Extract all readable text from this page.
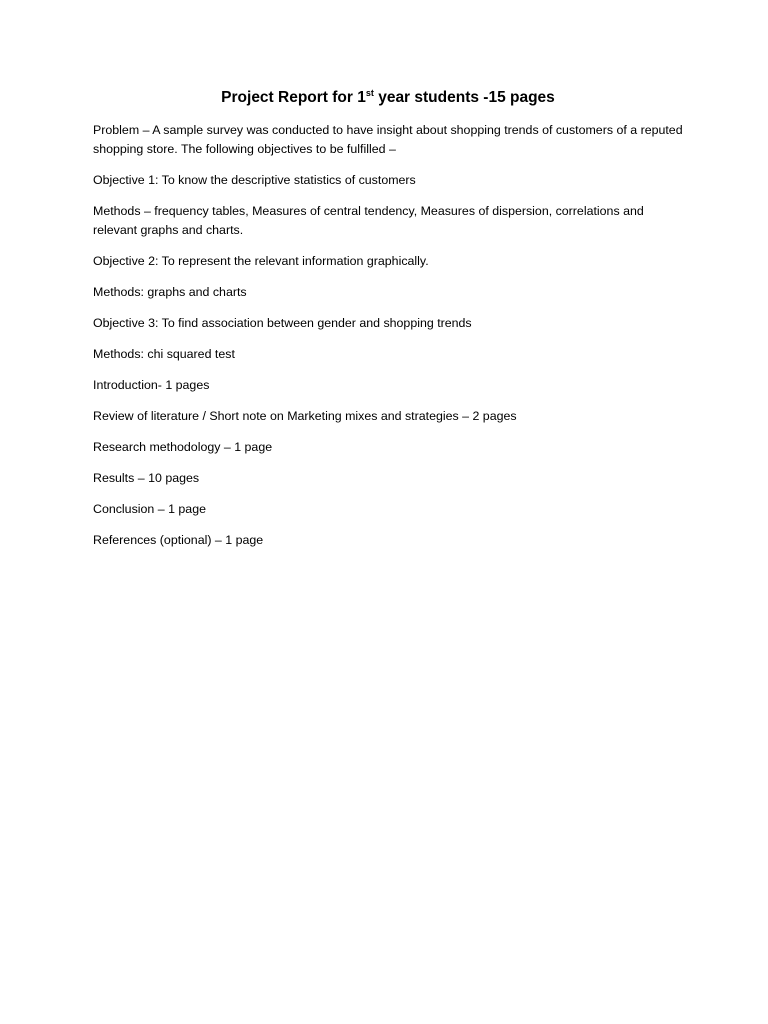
Project Report for 1st year students -15 pages

Problem – A sample survey was conducted to have insight about shopping trends of customers of a reputed shopping store. The following objectives to be fulfilled –

Objective 1: To know the descriptive statistics of customers

Methods – frequency tables, Measures of central tendency, Measures of dispersion, correlations and relevant graphs and charts.

Objective 2: To represent the relevant information graphically.

Methods: graphs and charts

Objective 3: To find association between gender and shopping trends

Methods: chi squared test

Introduction- 1 pages

Review of literature / Short note on Marketing mixes and strategies – 2 pages

Research methodology – 1 page

Results – 10 pages

Conclusion – 1 page

References (optional) – 1 page
